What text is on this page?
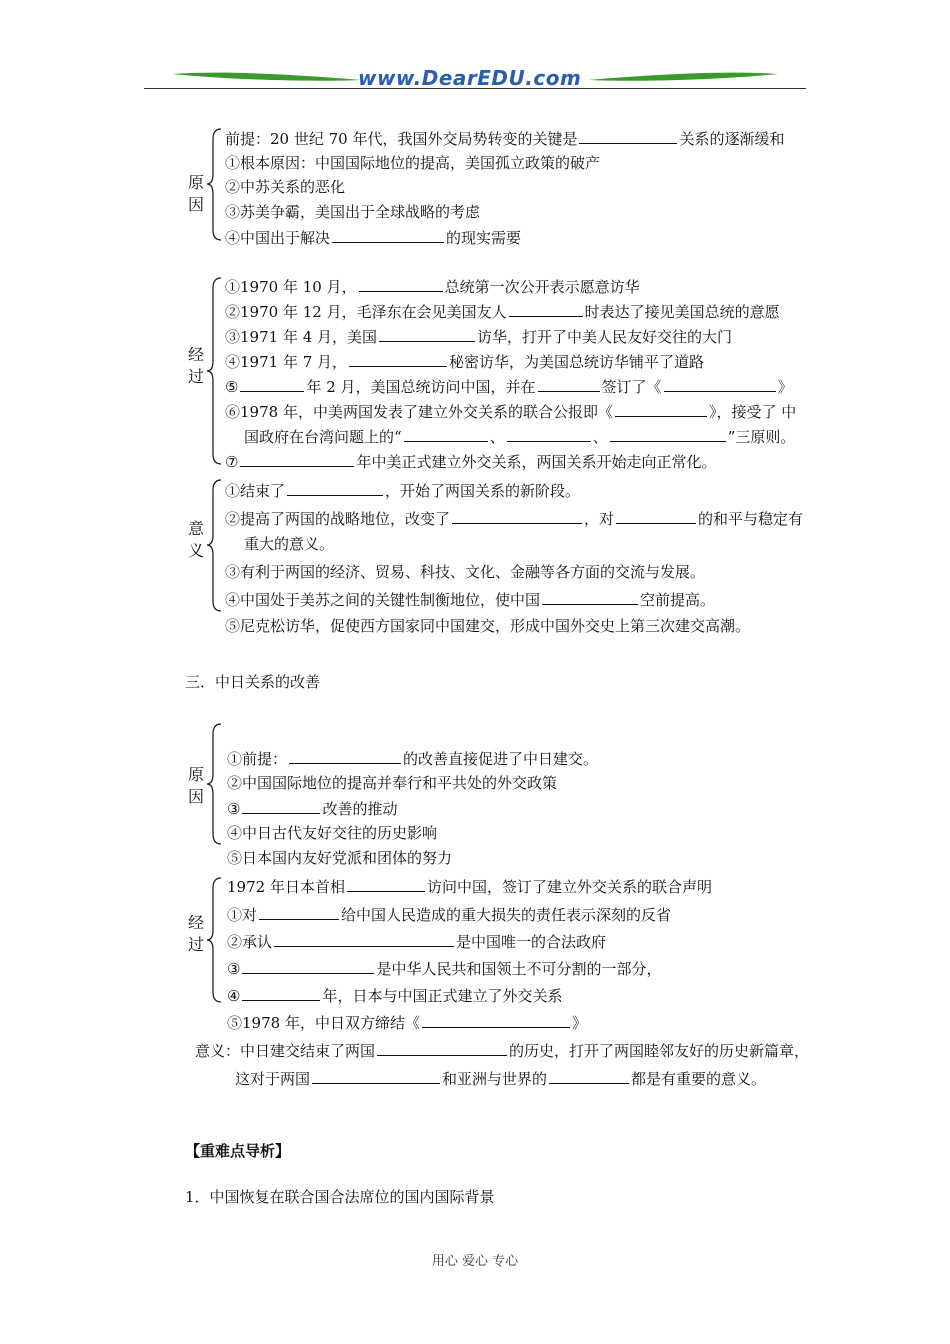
www.DearEDU.com
原因
前提：20 世纪 70 年代，我国外交局势转变的关键是	关系的逐渐缓和
①根本原因：中国国际地位的提高，美国孤立政策的破产
②中苏关系的恶化
③苏美争霸，美国出于全球战略的考虑
④中国出于解决	的现实需要
经过
①1970 年 10 月，	总统第一次公开表示愿意访华
②1970 年 12 月，毛泽东在会见美国友人	时表达了接见美国总统的意愿
③1971 年 4 月，美国	访华，打开了中美人民友好交往的大门
④1971 年 7 月，	秘密访华，为美国总统访华铺平了道路
⑤	年 2 月，美国总统访问中国，并在	签订了《	》
⑥1978 年，中美两国发表了建立外交关系的联合公报即《	》，接受了 中
国政府在台湾问题上的“	、	、	”三原则。
⑦	年中美正式建立外交关系，两国关系开始走向正常化。
意义
①结束了	，开始了两国关系的新阶段。
②提高了两国的战略地位，改变了	，对	的和平与稳定有
重大的意义。
③有利于两国的经济、贸易、科技、文化、金融等各方面的交流与发展。
④中国处于美苏之间的关键性制衡地位，使中国	空前提高。
⑤尼克松访华，促使西方国家同中国建交，形成中国外交史上第三次建交高潮。
三．中日关系的改善
原因
①前提：	的改善直接促进了中日建交。
②中国国际地位的提高并奉行和平共处的外交政策
③	改善的推动
④中日古代友好交往的历史影响
⑤日本国内友好党派和团体的努力
经过
1972 年日本首相	访问中国，签订了建立外交关系的联合声明
①对	给中国人民造成的重大损失的责任表示深刻的反省
②承认	是中国唯一的合法政府
③	是中华人民共和国领土不可分割的一部分，
④	年，日本与中国正式建立了外交关系
⑤1978 年，中日双方缔结《	》
意义：中日建交结束了两国	的历史，打开了两国睦邻友好的历史新篇章，
这对于两国	和亚洲与世界的	都是有重要的意义。
【重难点导析】
1．中国恢复在联合国合法席位的国内国际背景
用心 爱心 专心
